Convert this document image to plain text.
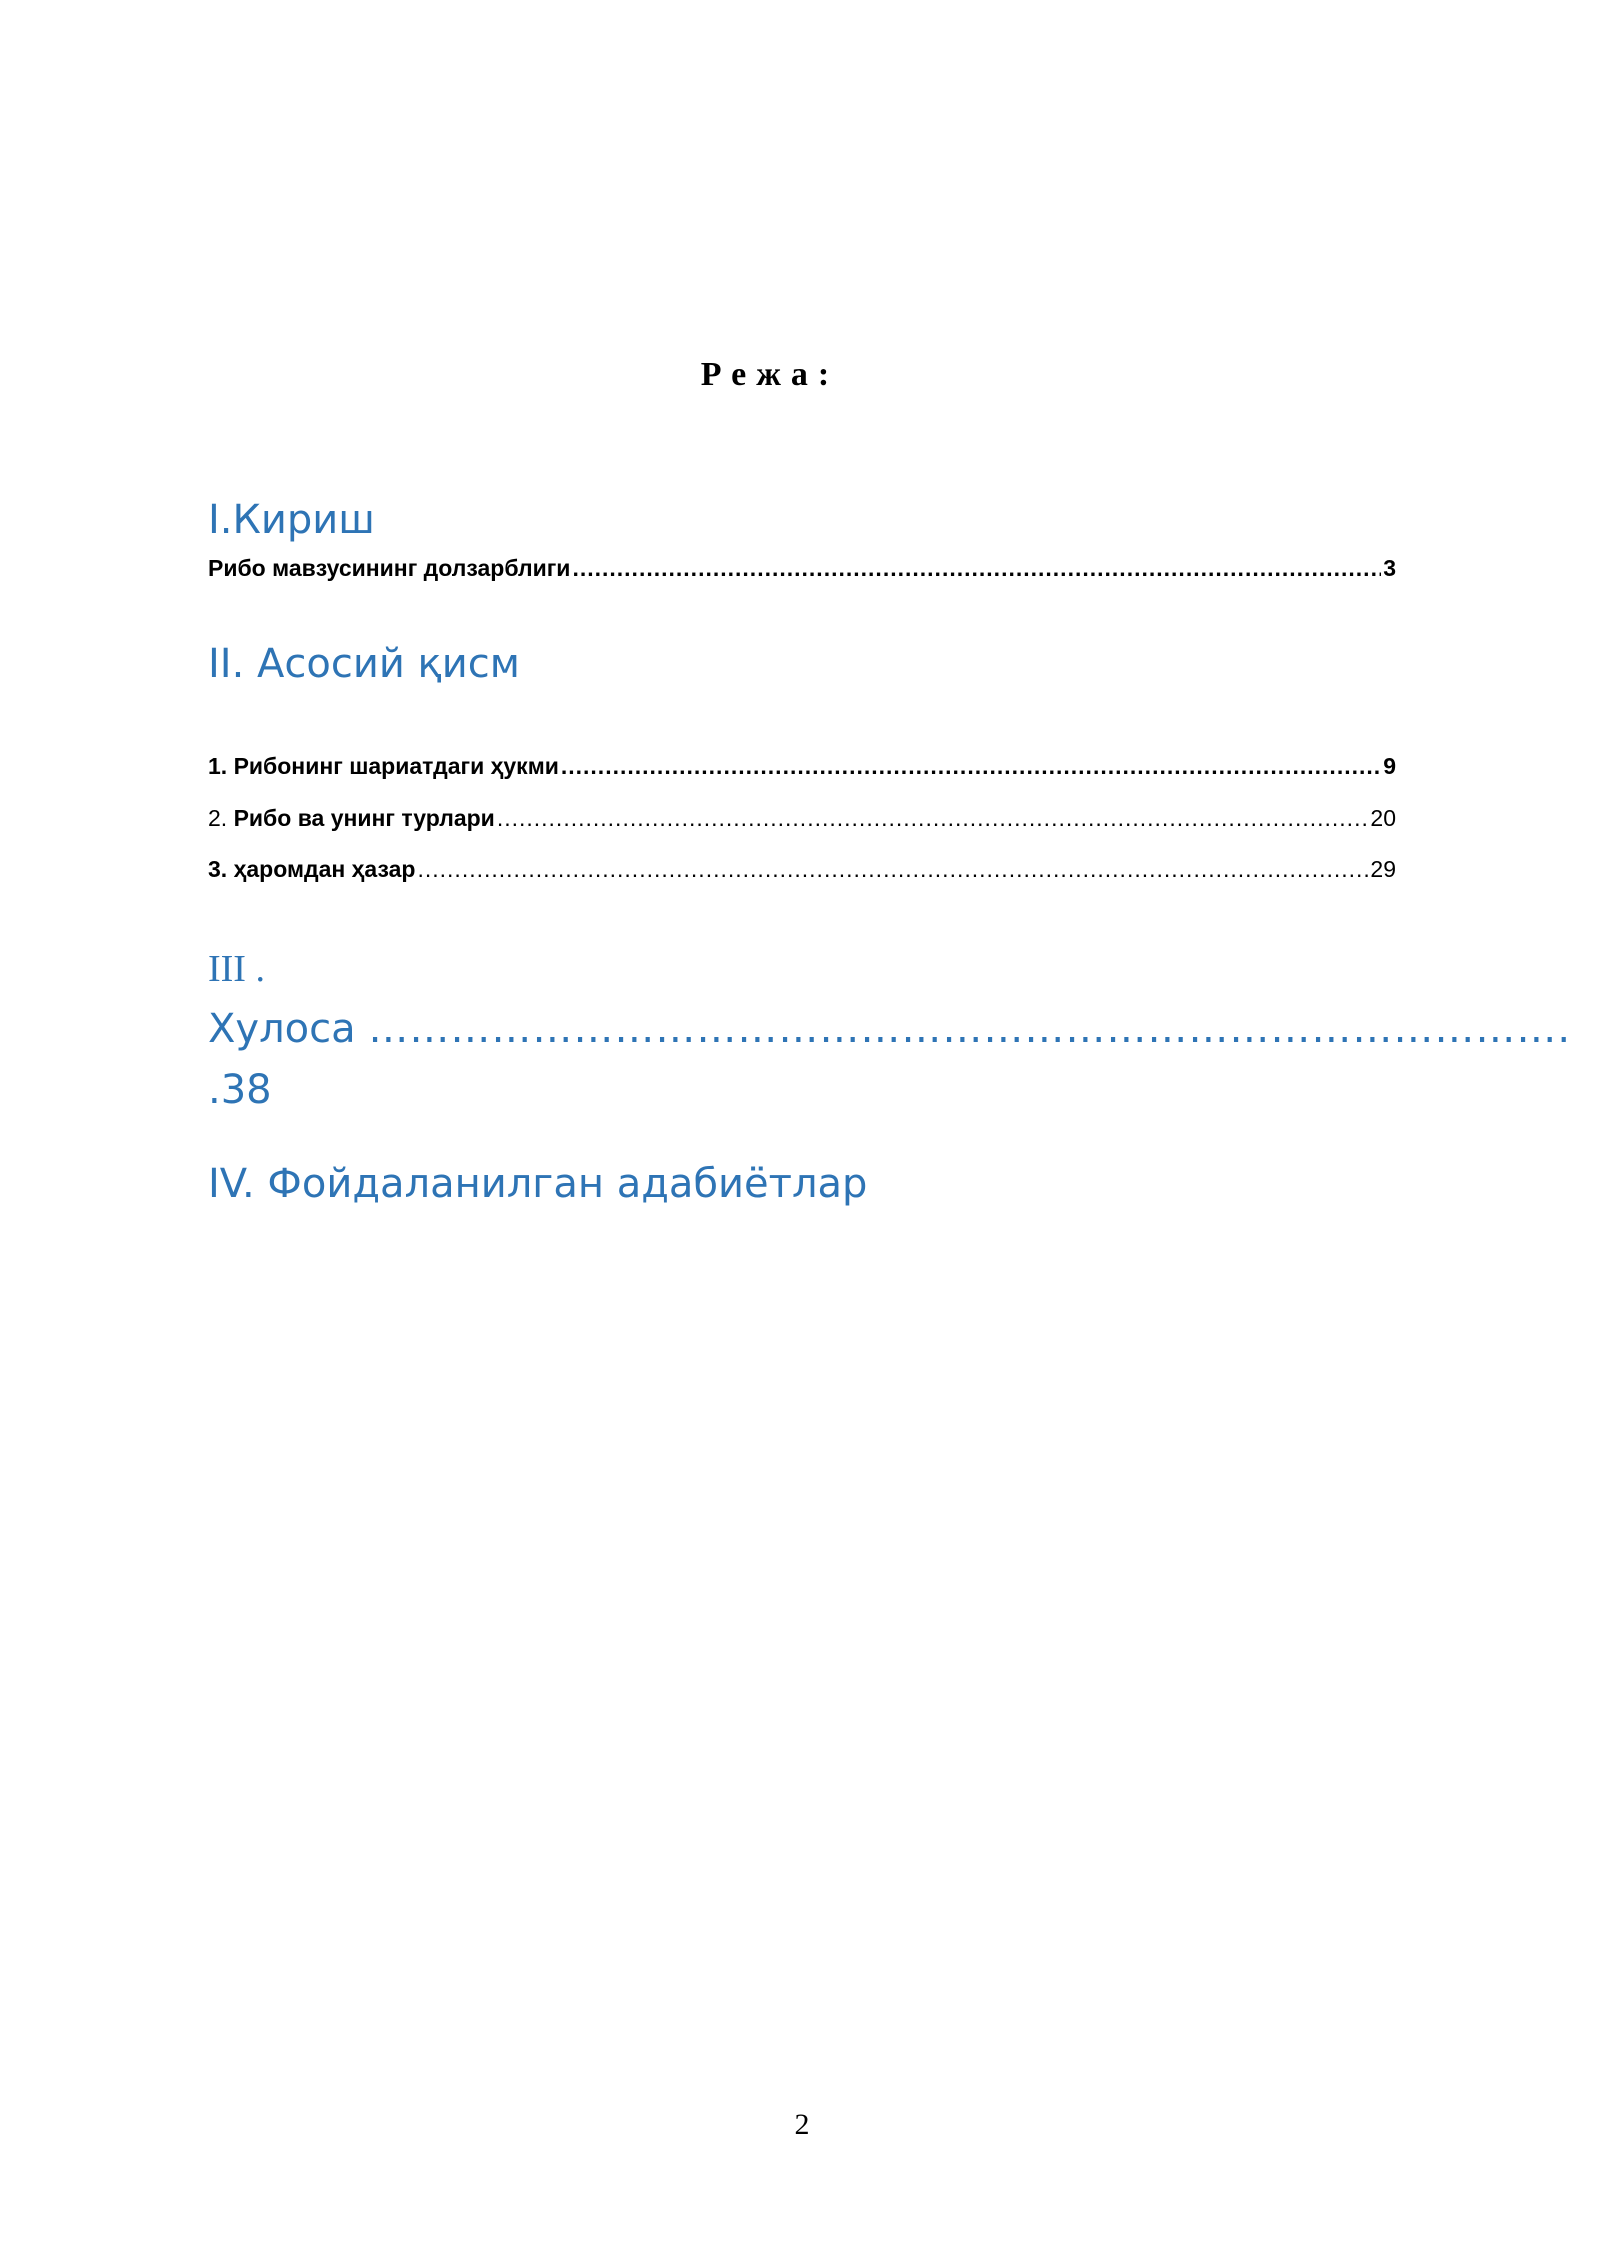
Режа:
I.Кириш
Рибо мавзусининг долзарблиги .....	3
II. Асосий қисм
1. Рибонинг шариатдаги ҳукми .....	9
2. Рибо ва унинг турлари .....	20
3. ҳаромдан ҳазар .....	29
III .
Хулоса …………………………………………………………………………….
.38
IV. Фойдаланилган адабиётлар
2
